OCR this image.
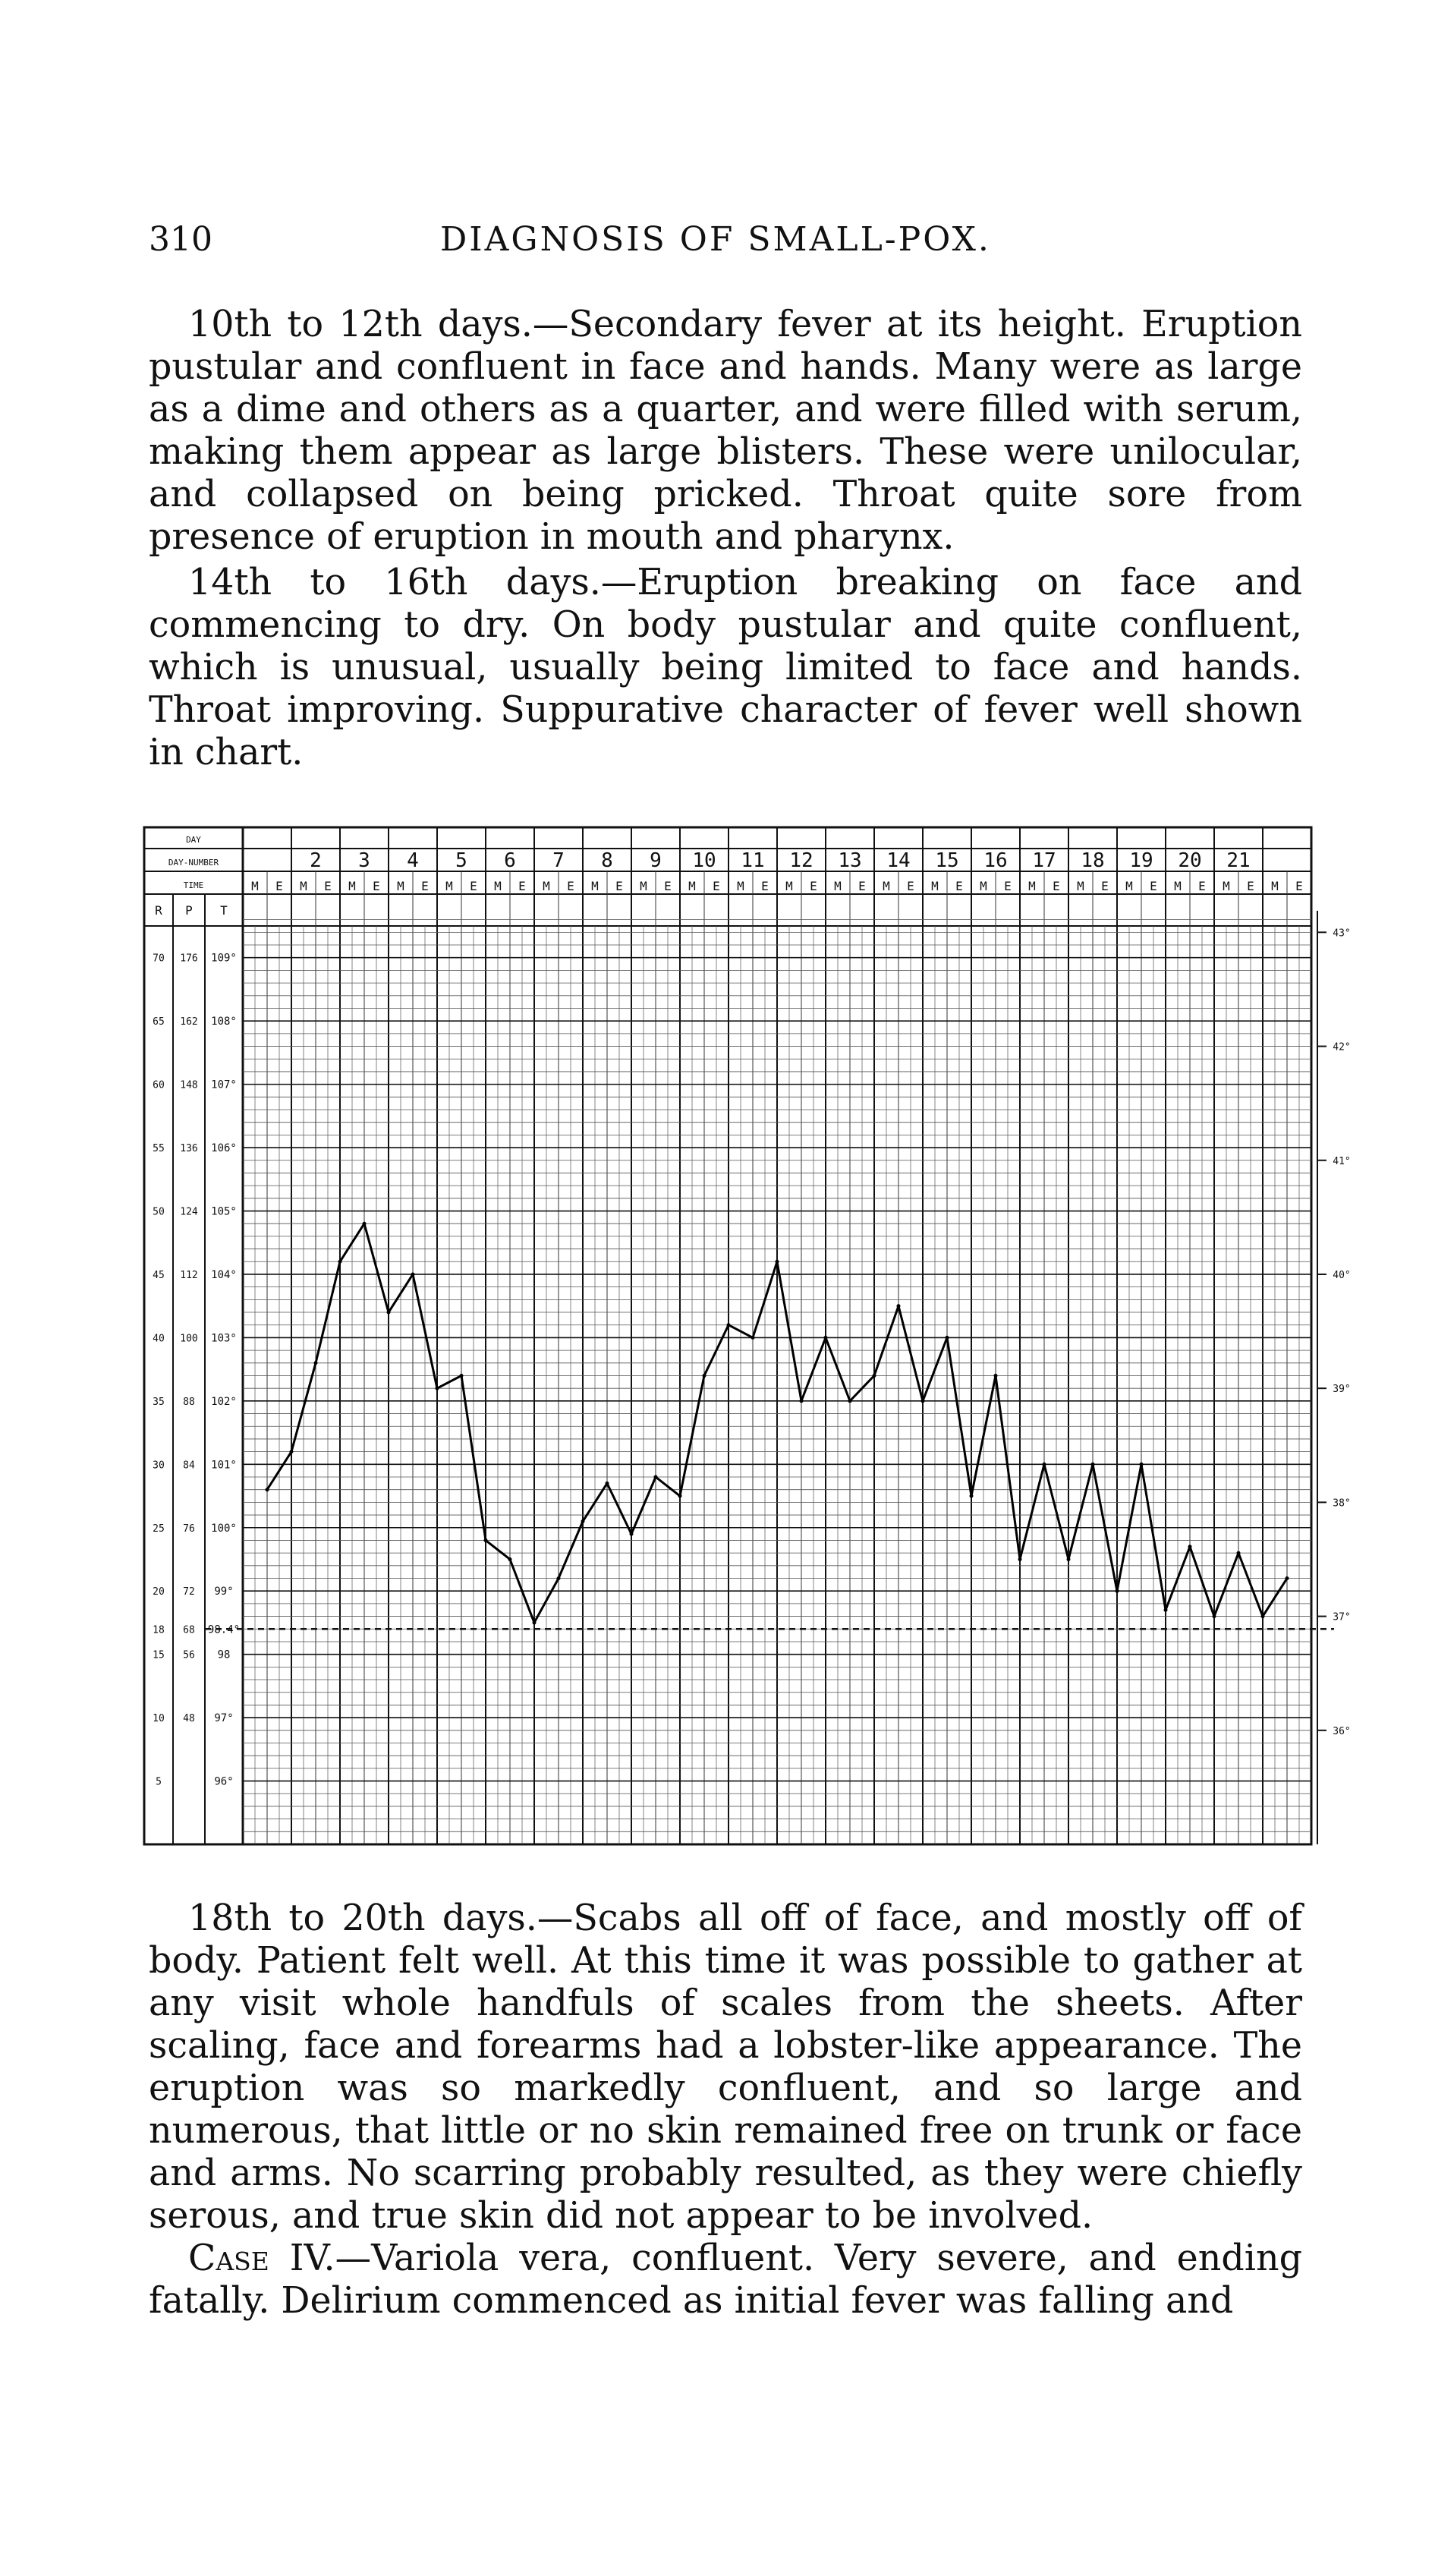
310	DIAGNOSIS OF SMALL-POX.

10th to 12th days.—Secondary fever at its height. Eruption pustular and confluent in face and hands. Many were as large as a dime and others as a quarter, and were filled with serum, making them appear as large blisters. These were unilocular, and collapsed on being pricked. Throat quite sore from presence of eruption in mouth and pharynx.

14th to 16th days.—Eruption breaking on face and commencing to dry. On body pustular and quite confluent, which is unusual, usually being limited to face and hands. Throat improving. Suppurative character of fever well shown in chart.

DAY
DAY-NUMBER
TIME
R P T
2 3 4 5 6 7 8 9 10 11 12 13 14 15 16 17 18 19 20 21
M E M E M E M E M E M E M E M E M E M E M E M E M E M E M E M E M E M E M E M E M E M E
109°
108°
107°
106°
105°
104°
103°
102°
101°
100°
99°
98.4°
98
97°
96°
176
162
148
136
124
112
100
88
84
76
72
68
56
48
70
65
60
55
50
45
40
35
30
25
20
18
15
10
5
43°
42°
41°
40°
39°
38°
37°
36°

18th to 20th days.—Scabs all off of face, and mostly off of body. Patient felt well. At this time it was possible to gather at any visit whole handfuls of scales from the sheets. After scaling, face and forearms had a lobster-like appearance. The eruption was so markedly confluent, and so large and numerous, that little or no skin remained free on trunk or face and arms. No scarring probably resulted, as they were chiefly serous, and true skin did not appear to be involved.

Case IV.—Variola vera, confluent. Very severe, and ending fatally. Delirium commenced as initial fever was falling and
